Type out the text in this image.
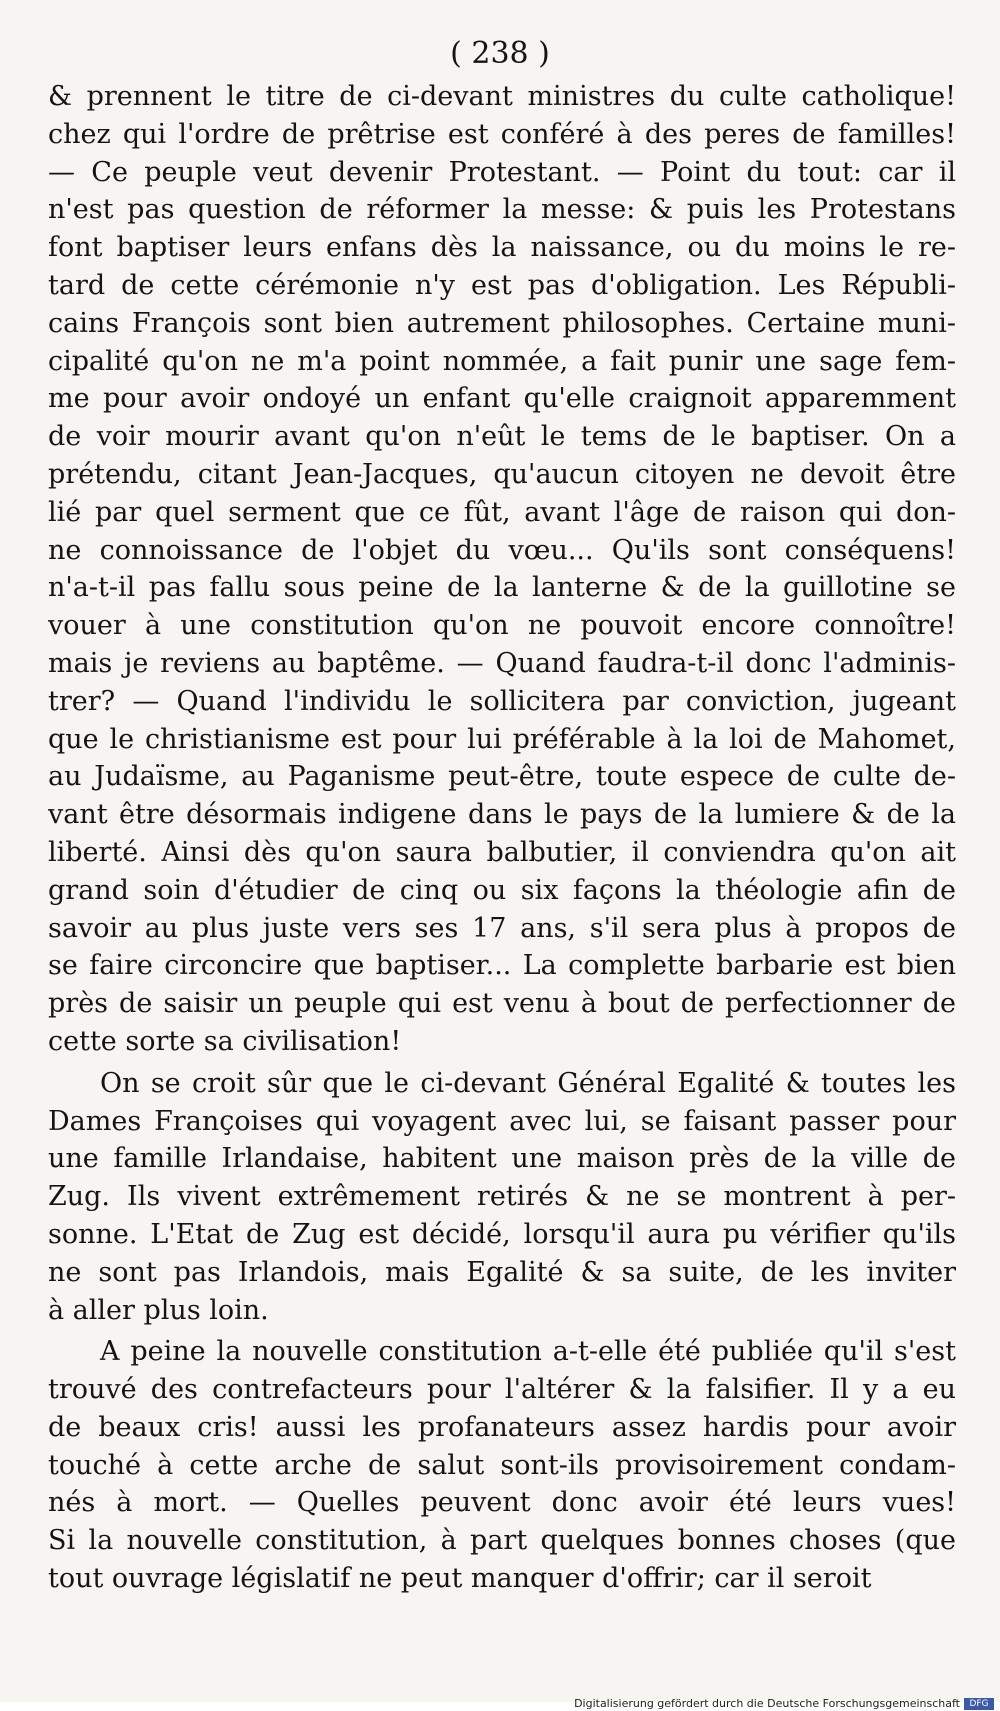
( 238 )
& prennent le titre de ci-devant ministres du culte catholique!
chez qui l'ordre de prêtrise est conféré à des peres de familles!
— Ce peuple veut devenir Protestant. — Point du tout: car il
n'est pas question de réformer la messe: & puis les Protestans
font baptiser leurs enfans dès la naissance, ou du moins le re-
tard de cette cérémonie n'y est pas d'obligation. Les Républi-
cains François sont bien autrement philosophes. Certaine muni-
cipalité qu'on ne m'a point nommée, a fait punir une sage fem-
me pour avoir ondoyé un enfant qu'elle craignoit apparemment
de voir mourir avant qu'on n'eût le tems de le baptiser. On a
prétendu, citant Jean-Jacques, qu'aucun citoyen ne devoit être
lié par quel serment que ce fût, avant l'âge de raison qui don-
ne connoissance de l'objet du vœu... Qu'ils sont conséquens!
n'a-t-il pas fallu sous peine de la lanterne & de la guillotine se
vouer à une constitution qu'on ne pouvoit encore connoître!
mais je reviens au baptême. — Quand faudra-t-il donc l'adminis-
trer? — Quand l'individu le sollicitera par conviction, jugeant
que le christianisme est pour lui préférable à la loi de Mahomet,
au Judaïsme, au Paganisme peut-être, toute espece de culte de-
vant être désormais indigene dans le pays de la lumiere & de la
liberté. Ainsi dès qu'on saura balbutier, il conviendra qu'on ait
grand soin d'étudier de cinq ou six façons la théologie afin de
savoir au plus juste vers ses 17 ans, s'il sera plus à propos de
se faire circoncire que baptiser... La complette barbarie est bien
près de saisir un peuple qui est venu à bout de perfectionner de
cette sorte sa civilisation!
On se croit sûr que le ci-devant Général Egalité & toutes les
Dames Françoises qui voyagent avec lui, se faisant passer pour
une famille Irlandaise, habitent une maison près de la ville de
Zug. Ils vivent extrêmement retirés & ne se montrent à per-
sonne. L'Etat de Zug est décidé, lorsqu'il aura pu vérifier qu'ils
ne sont pas Irlandois, mais Egalité & sa suite, de les inviter
à aller plus loin.
A peine la nouvelle constitution a-t-elle été publiée qu'il s'est
trouvé des contrefacteurs pour l'altérer & la falsifier. Il y a eu
de beaux cris! aussi les profanateurs assez hardis pour avoir
touché à cette arche de salut sont-ils provisoirement condam-
nés à mort. — Quelles peuvent donc avoir été leurs vues!
Si la nouvelle constitution, à part quelques bonnes choses (que
tout ouvrage législatif ne peut manquer d'offrir; car il seroit
Digitalisierung gefördert durch die Deutsche Forschungsgemeinschaft	DFG
